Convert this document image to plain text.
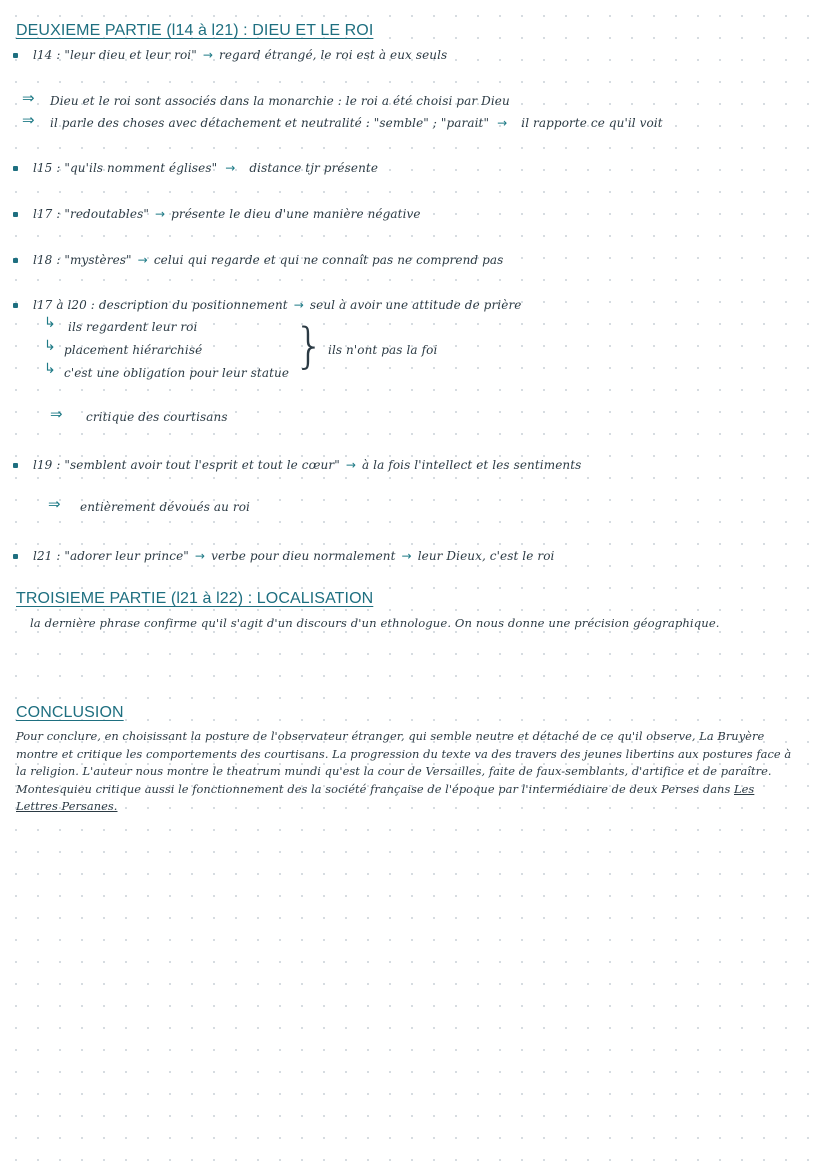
DEUXIEME PARTIE (l14 à l21) : DIEU ET LE ROI
l14 : "leur dieu et leur roi" → regard étrangé, le roi est à eux seuls
⇒ Dieu et le roi sont associés dans la monarchie : le roi a été choisi par Dieu
⇒ il parle des choses avec détachement et neutralité : "semble" ; "parait" → il rapporte ce qu'il voit
l15 : "qu'ils nomment églises" → distance tjr présente
l17 : "redoutables" → présente le dieu d'une manière négative
l18 : "mystères" → celui qui regarde et qui ne connaît pas ne comprend pas
l17 à l20 : description du positionnement → seul à avoir une attitude de prière
↳ ils regardent leur roi
↳ placement hiérarchisé
↳ c'est une obligation pour leur statue } ils n'ont pas la foi
⇒ critique des courtisans
l19 : "semblent avoir tout l'esprit et tout le cœur" → à la fois l'intellect et les sentiments
⇒ entièrement dévoués au roi
l21 : "adorer leur prince" → verbe pour dieu normalement → leur Dieux, c'est le roi
TROISIEME PARTIE (l21 à l22) : LOCALISATION
la dernière phrase confirme qu'il s'agit d'un discours d'un ethnologue. On nous donne une précision géographique.
CONCLUSION

Pour conclure, en choisissant la posture de l'observateur étranger, qui semble neutre et détaché de ce qu'il observe, La Bruyère montre et critique les comportements des courtisans. La progression du texte va des travers des jeunes libertins aux postures face à la religion. L'auteur nous montre le theatrum mundi qu'est la cour de Versailles, faite de faux-semblants, d'artifice et de paraître.

Montesquieu critique aussi le fonctionnement des la société française de l'époque par l'intermédiaire de deux Perses dans Les Lettres Persanes.
